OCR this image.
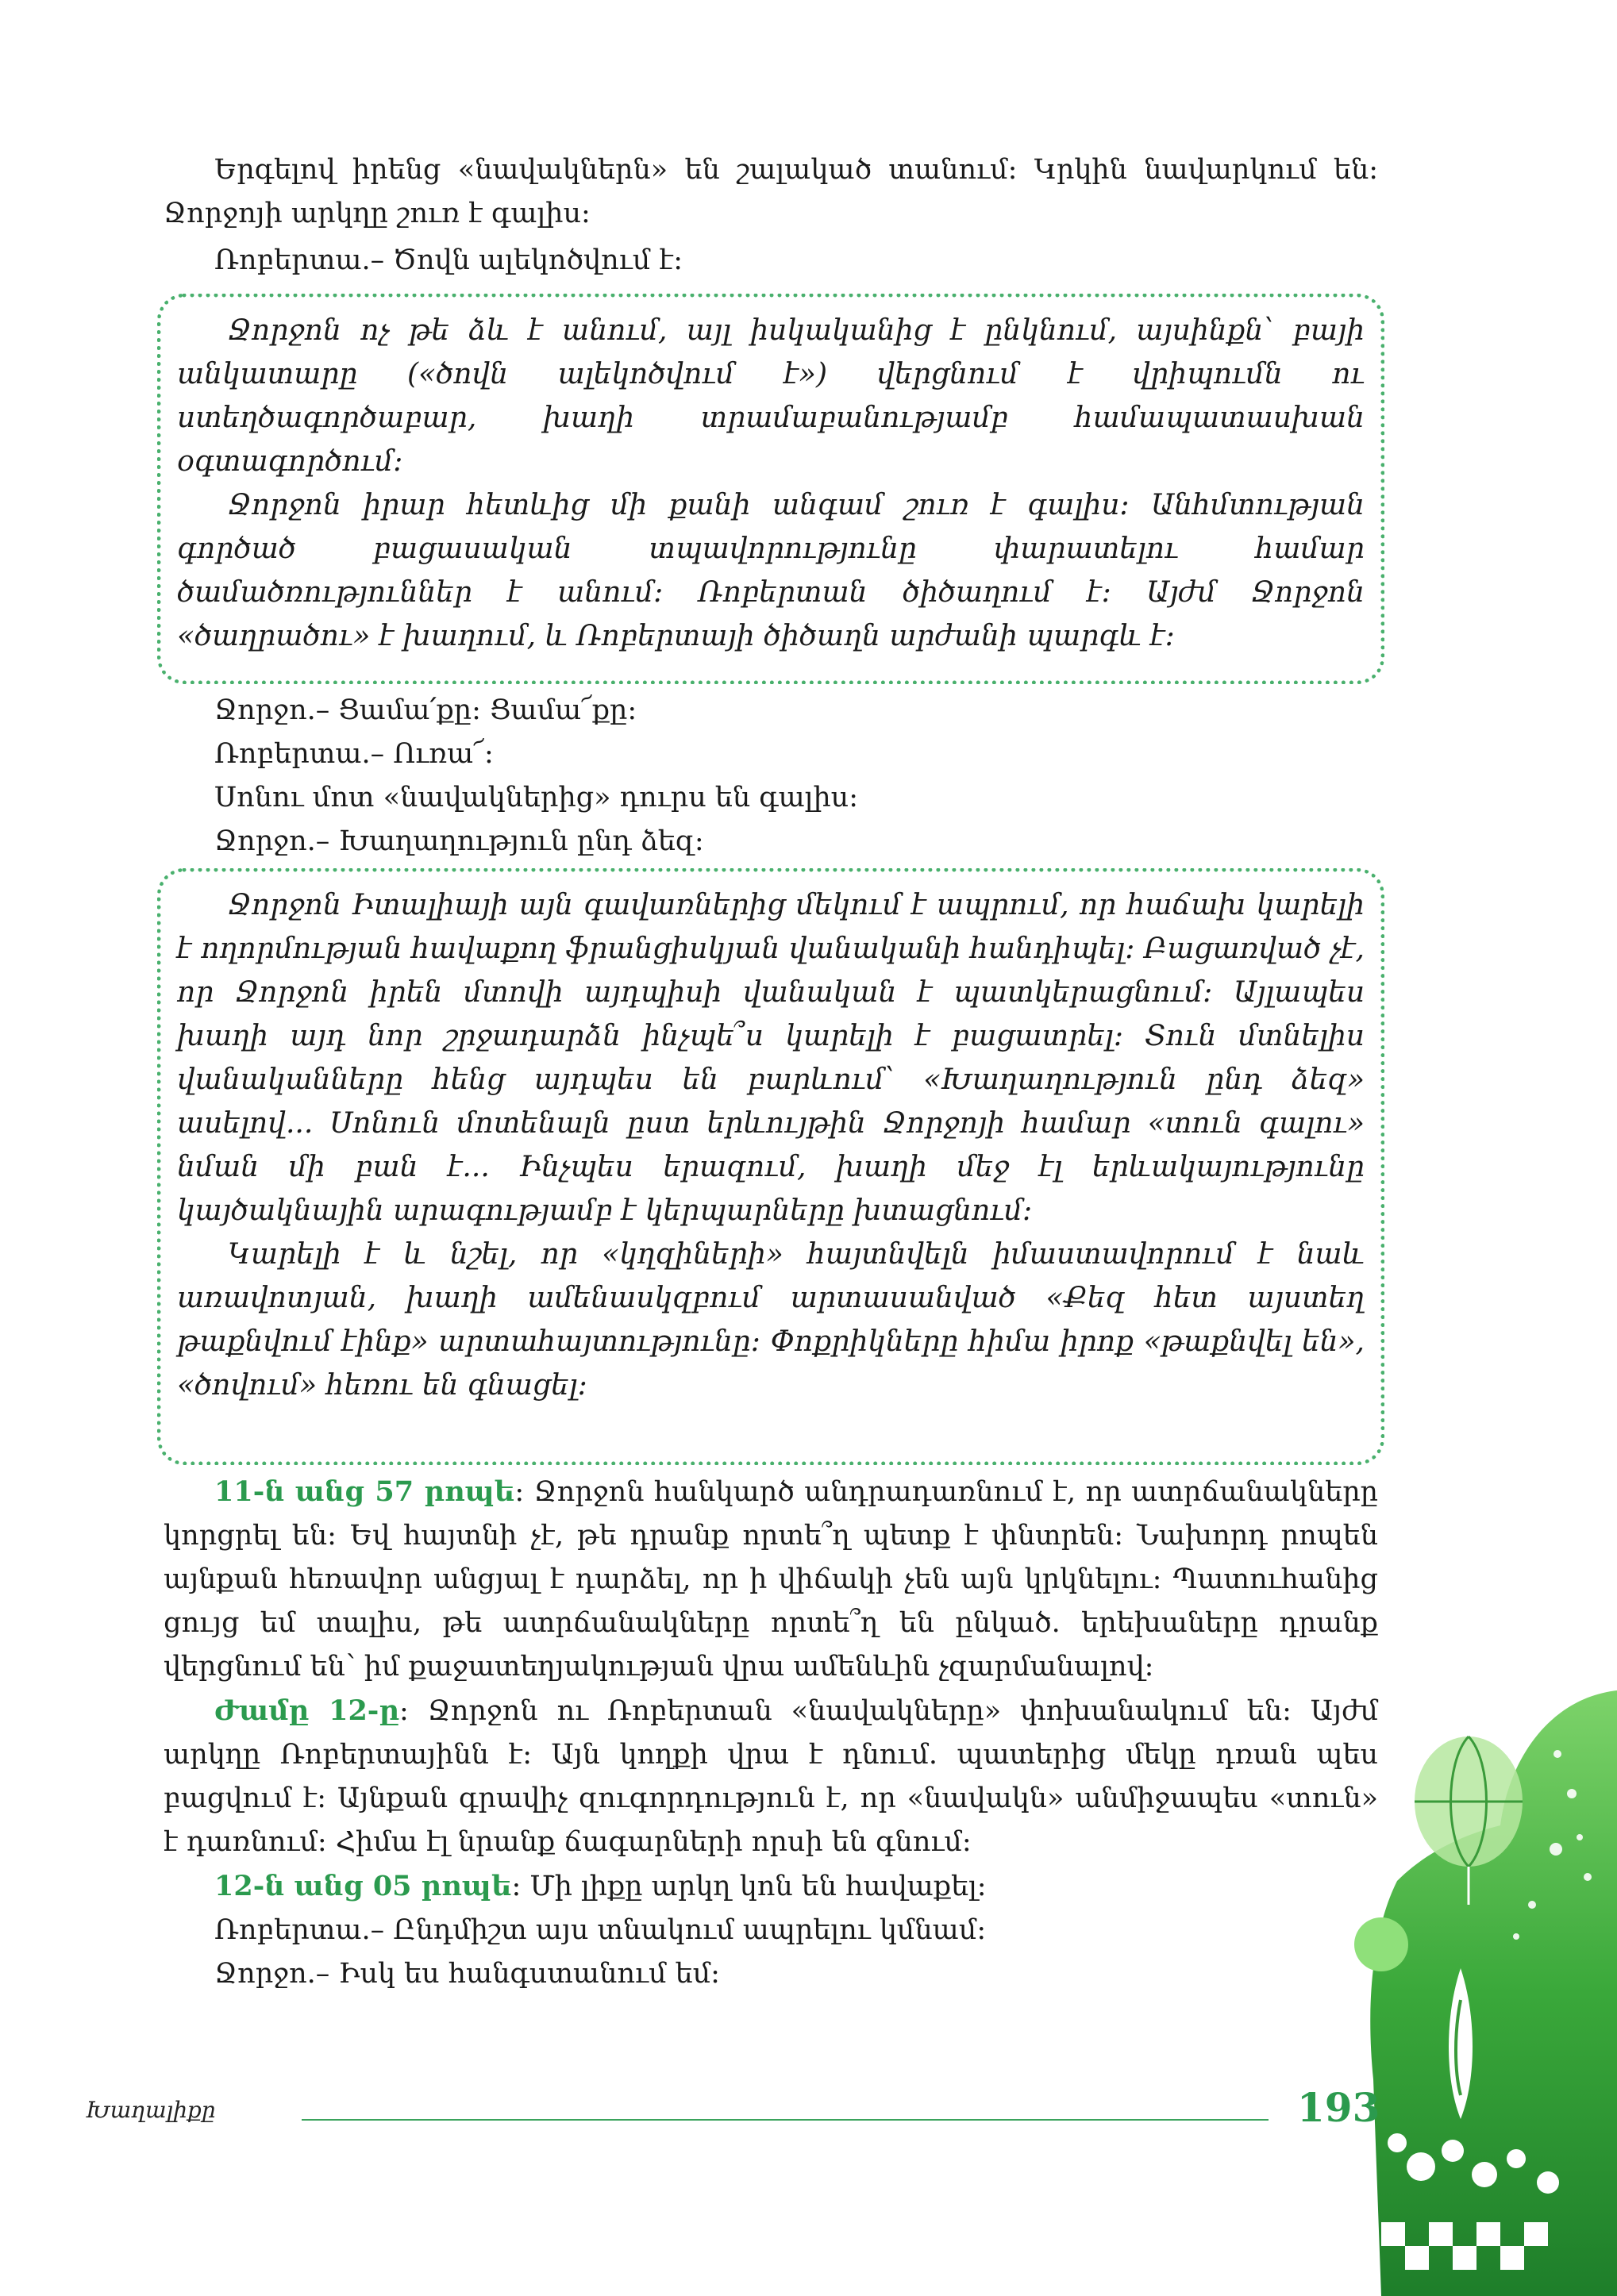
Երգելով իրենց «նավակներն» են շալակած տանում: Կրկին նավարկում են: Ջորջոյի արկղը շուռ է գալիս:

Ռոբերտա.– Ծովն ալեկոծվում է:

Ջորջոն ոչ թե ձև է անում, այլ իսկականից է ընկնում, այսինքն՝ բայի անկատարը («ծովն ալեկոծվում է») վերցնում է վրիպումն ու ստեղծագործաբար, խաղի տրամաբանությամբ համապատասխան օգտագործում:

Ջորջոն իրար հետևից մի քանի անգամ շուռ է գալիս: Անհմտության գործած բացասական տպավորությունը փարատելու համար ծամածռություններ է անում: Ռոբերտան ծիծաղում է: Այժմ Ջորջոն «ծաղրածու» է խաղում, և Ռոբերտայի ծիծաղն արժանի պարգև է:

Ջորջո.– Ցամա՛քը: Ցամա՜քը:

Ռոբերտա.– Ուռա՜:

Սոնու մոտ «նավակներից» դուրս են գալիս:

Ջորջո.– Խաղաղություն ընդ ձեզ:

Ջորջոն Իտալիայի այն գավառներից մեկում է ապրում, որ հաճախ կարելի է ողորմության հավաքող ֆրանցիսկյան վանականի հանդիպել: Բացառված չէ, որ Ջորջոն իրեն մտովի այդպիսի վանական է պատկերացնում: Այլապես խաղի այդ նոր շրջադարձն ինչպե՞ս կարելի է բացատրել: Տուն մտնելիս վանականները հենց այդպես են բարևում՝ «Խաղաղություն ընդ ձեզ» ասելով... Սոնուն մոտենալն ըստ երևույթին Ջորջոյի համար «տուն գալու» նման մի բան է... Ինչպես երազում, խաղի մեջ էլ երևակայությունը կայծակնային արագությամբ է կերպարները խտացնում:

Կարելի է և նշել, որ «կղզիների» հայտնվելն իմաստավորում է նաև առավոտյան, խաղի ամենասկզբում արտասանված «Քեզ հետ այստեղ թաքնվում էինք» արտահայտությունը: Փոքրիկները հիմա իրոք «թաքնվել են», «ծովում» հեռու են գնացել:

11-ն անց 57 րոպե: Ջորջոն հանկարծ անդրադառնում է, որ ատրճանակները կորցրել են: Եվ հայտնի չէ, թե դրանք որտե՞ղ պետք է փնտրեն: Նախորդ րոպեն այնքան հեռավոր անցյալ է դարձել, որ ի վիճակի չեն այն կրկնելու: Պատուհանից ցույց եմ տալիս, թե ատրճանակները որտե՞ղ են ընկած. երեխաները դրանք վերցնում են՝ իմ քաջատեղյակության վրա ամենևին չզարմանալով:

Ժամը 12-ը: Ջորջոն ու Ռոբերտան «նավակները» փոխանակում են: Այժմ արկղը Ռոբերտայինն է: Այն կողքի վրա է դնում. պատերից մեկը դռան պես բացվում է: Այնքան գրավիչ զուգորդություն է, որ «նավակն» անմիջապես «տուն» է դառնում: Հիմա էլ նրանք ճագարների որսի են գնում:

12-ն անց 05 րոպե: Մի լիքը արկղ կոն են հավաքել:

Ռոբերտա.– Ընդմիշտ այս տնակում ապրելու կմնամ:

Ջորջո.– Իսկ ես հանգստանում եմ:

Խաղալիքը	193
